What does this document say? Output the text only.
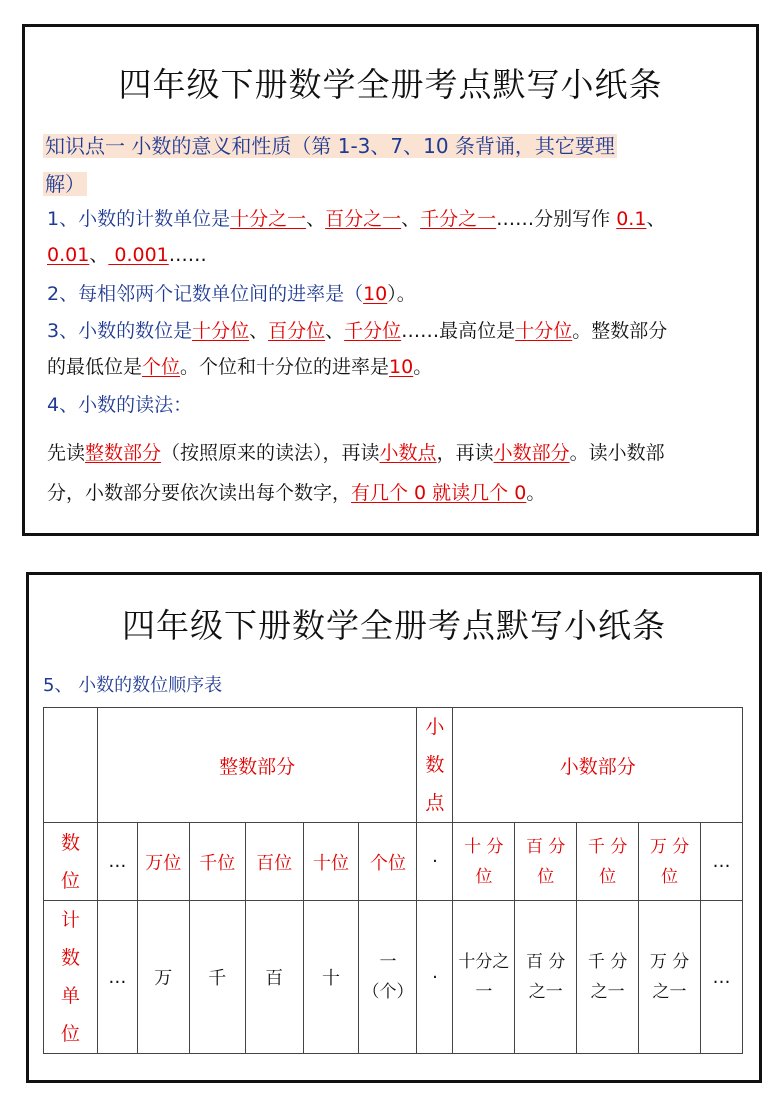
四年级下册数学全册考点默写小纸条
知识点一 小数的意义和性质（第 1-3、7、10 条背诵，其它要理
解）
1、小数的计数单位是十分之一、百分之一、千分之一……分别写作 0.1、
0.01、 0.001……
2、每相邻两个记数单位间的进率是（10）。
3、小数的数位是十分位、百分位、千分位……最高位是十分位。整数部分
的最低位是个位。个位和十分位的进率是10。
4、小数的读法：
先读整数部分（按照原来的读法），再读小数点，再读小数部分。读小数部
分，小数部分要依次读出每个数字，有几个 0 就读几个 0。
四年级下册数学全册考点默写小纸条
5、 小数的数位顺序表
	整数部分						小
数
点	小数部分				

数
位	…	万位	千位	百位	十位	个位	·	十 分 位	百 分 位	千 分 位	万 分 位	…

计
数
单
位	…	万	千	百	十	一（个）	·	十分之一	百 分 之一	千 分 之一	万 分 之一	…
